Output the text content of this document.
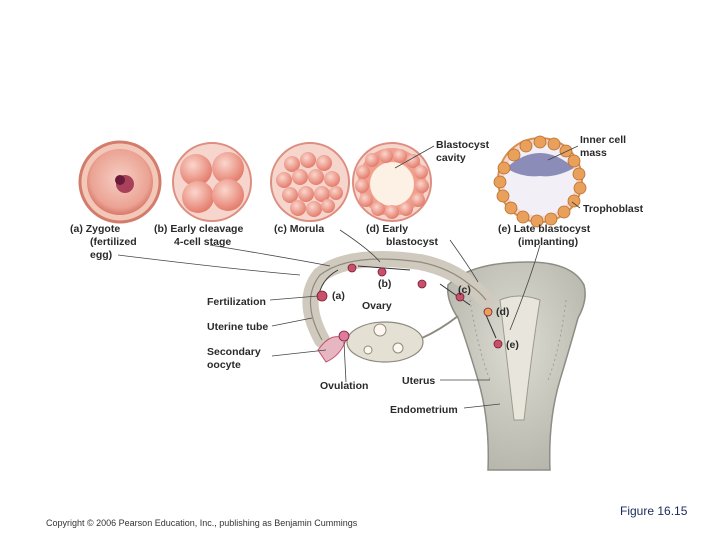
(a) Zygote
(fertilized
egg)
(b) Early cleavage
4-cell stage
(c) Morula	(d) Early
blastocyst
(e) Late blastocyst
(implanting)
Blastocyst
cavity
Inner cell
mass
Trophoblast
Fertilization
Uterine tube
Secondary
oocyte
Ovulation
Ovary
Uterus
Endometrium
(a)
(b)	(c)
(d)
(e)
Copyright © 2006 Pearson Education, Inc., publishing as Benjamin Cummings
Figure 16.15
